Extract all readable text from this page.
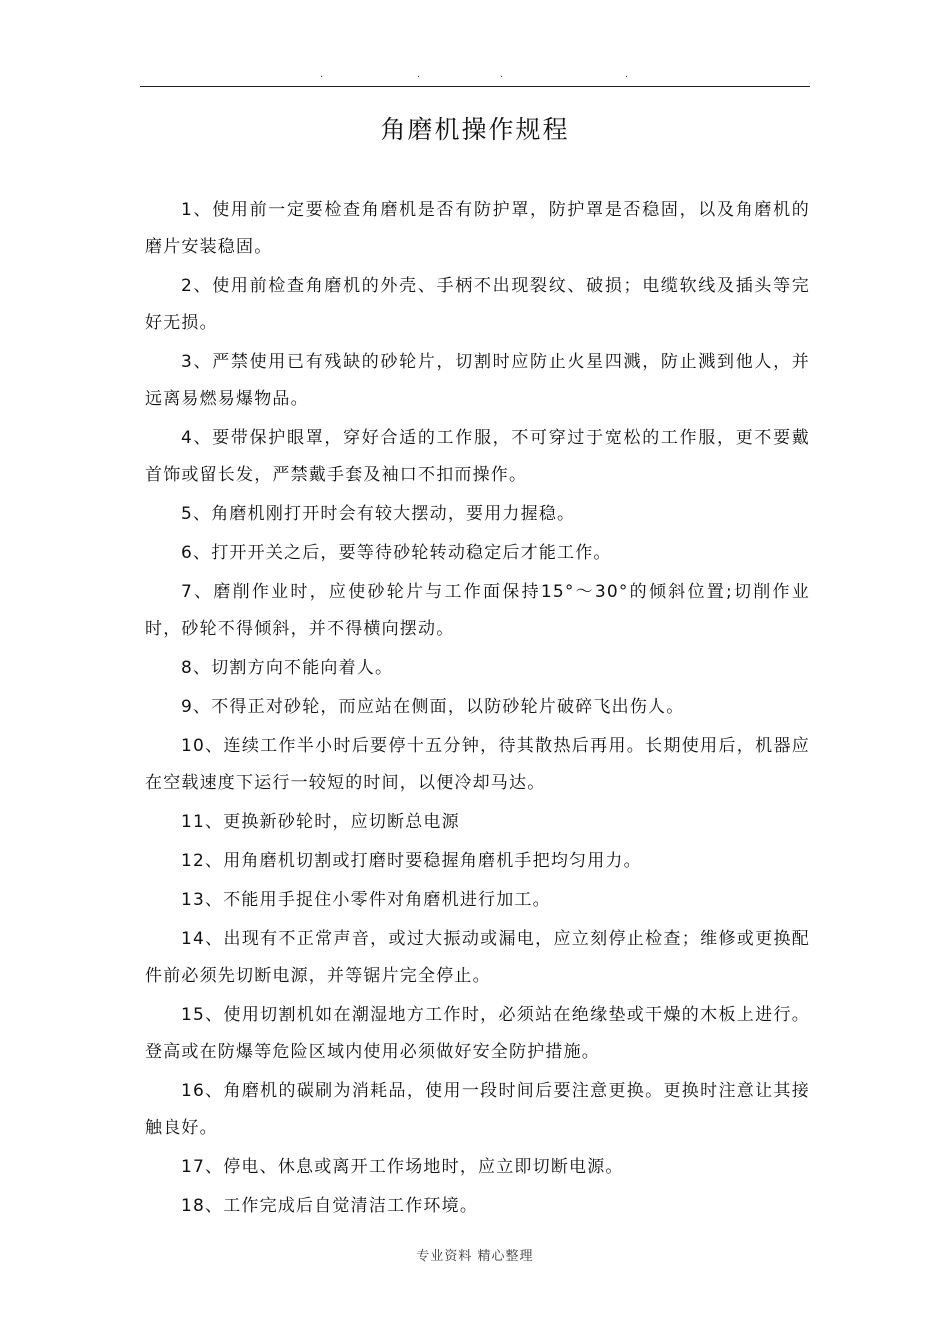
.	.	.	.
角磨机操作规程

1、使用前一定要检查角磨机是否有防护罩，防护罩是否稳固，以及角磨机的磨片安装稳固。

2、使用前检查角磨机的外壳、手柄不出现裂纹、破损；电缆软线及插头等完好无损。

3、严禁使用已有残缺的砂轮片，切割时应防止火星四溅，防止溅到他人，并远离易燃易爆物品。

4、要带保护眼罩，穿好合适的工作服，不可穿过于宽松的工作服，更不要戴首饰或留长发，严禁戴手套及袖口不扣而操作。

5、角磨机刚打开时会有较大摆动，要用力握稳。

6、打开开关之后，要等待砂轮转动稳定后才能工作。

7、磨削作业时，应使砂轮片与工作面保持15°～30°的倾斜位置;切削作业时，砂轮不得倾斜，并不得横向摆动。

8、切割方向不能向着人。

9、不得正对砂轮，而应站在侧面，以防砂轮片破碎飞出伤人。

10、连续工作半小时后要停十五分钟，待其散热后再用。长期使用后，机器应在空载速度下运行一较短的时间，以便冷却马达。

11、更换新砂轮时，应切断总电源

12、用角磨机切割或打磨时要稳握角磨机手把均匀用力。

13、不能用手捉住小零件对角磨机进行加工。

14、出现有不正常声音，或过大振动或漏电，应立刻停止检查；维修或更换配件前必须先切断电源，并等锯片完全停止。

15、使用切割机如在潮湿地方工作时，必须站在绝缘垫或干燥的木板上进行。登高或在防爆等危险区域内使用必须做好安全防护措施。

16、角磨机的碳刷为消耗品，使用一段时间后要注意更换。更换时注意让其接触良好。

17、停电、休息或离开工作场地时，应立即切断电源。

18、工作完成后自觉清洁工作环境。

专业资料 精心整理
